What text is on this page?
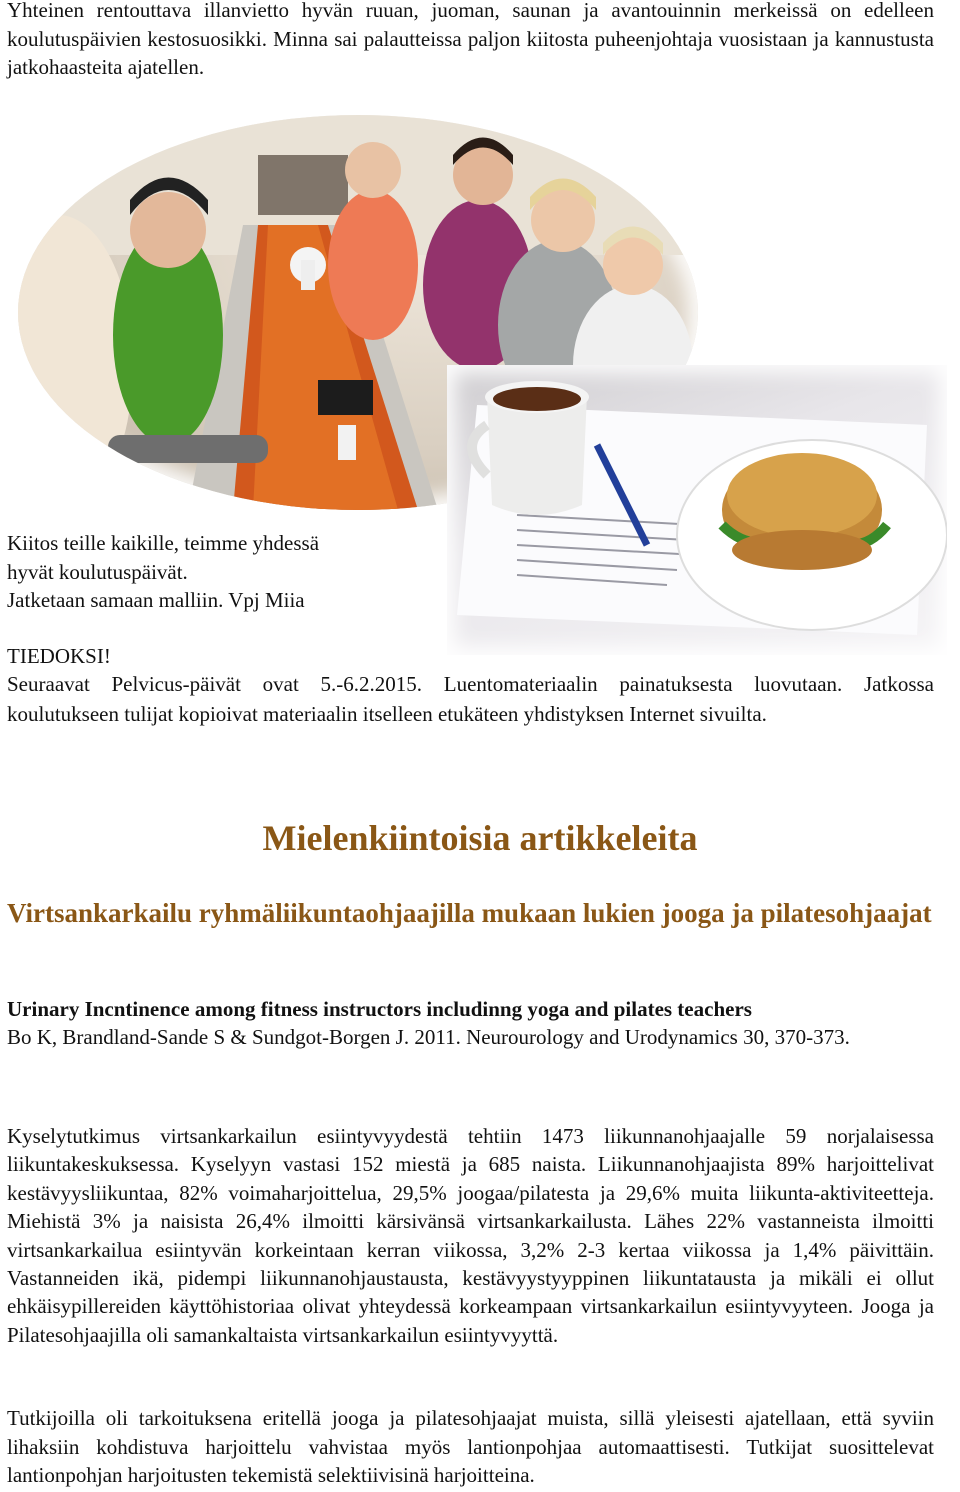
Yhteinen rentouttava illanvietto hyvän ruuan, juoman, saunan ja avantouinnin merkeissä on edelleen koulutuspäivien kestosuosikki. Minna sai palautteissa paljon kiitosta puheenjohtaja vuosistaan ja kannustusta jatkohaasteita ajatellen.

Kiitos teille kaikille, teimme yhdessä

hyvät koulutuspäivät.

Jatketaan samaan malliin. Vpj Miia

TIEDOKSI!

Seuraavat Pelvicus-päivät ovat 5.-6.2.2015. Luentomateriaalin painatuksesta luovutaan. Jatkossa koulutukseen tulijat kopioivat materiaalin itselleen etukäteen yhdistyksen Internet sivuilta.

Mielenkiintoisia artikkeleita
Virtsankarkailu ryhmäliikuntaohjaajilla mukaan lukien jooga ja pilatesohjaajat

Urinary Incntinence among fitness instructors includinng yoga and pilates teachers

Bo K, Brandland-Sande S & Sundgot-Borgen J. 2011. Neurourology and Urodynamics 30, 370-373.

Kyselytutkimus virtsankarkailun esiintyvyydestä tehtiin 1473 liikunnanohjaajalle 59 norjalaisessa liikuntakeskuksessa. Kyselyyn vastasi 152 miestä ja 685 naista. Liikunnanohjaajista 89% harjoittelivat kestävyysliikuntaa, 82% voimaharjoittelua, 29,5% joogaa/pilatesta ja 29,6% muita liikunta-aktiviteetteja. Miehistä 3% ja naisista 26,4% ilmoitti kärsivänsä virtsankarkailusta. Lähes 22% vastanneista ilmoitti virtsankarkailua esiintyvän korkeintaan kerran viikossa, 3,2% 2-3 kertaa viikossa ja 1,4% päivittäin. Vastanneiden ikä, pidempi liikunnanohjaustausta, kestävyystyyppinen liikuntatausta ja mikäli ei ollut ehkäisypillereiden käyttöhistoriaa olivat yhteydessä korkeampaan virtsankarkailun esiintyvyyteen. Jooga ja Pilatesohjaajilla oli samankaltaista virtsankarkailun esiintyvyyttä.

Tutkijoilla oli tarkoituksena eritellä jooga ja pilatesohjaajat muista, sillä yleisesti ajatellaan, että syviin lihaksiin kohdistuva harjoittelu vahvistaa myös lantionpohjaa automaattisesti. Tutkijat suosittelevat lantionpohjan harjoitusten tekemistä selektiivisinä harjoitteina.
